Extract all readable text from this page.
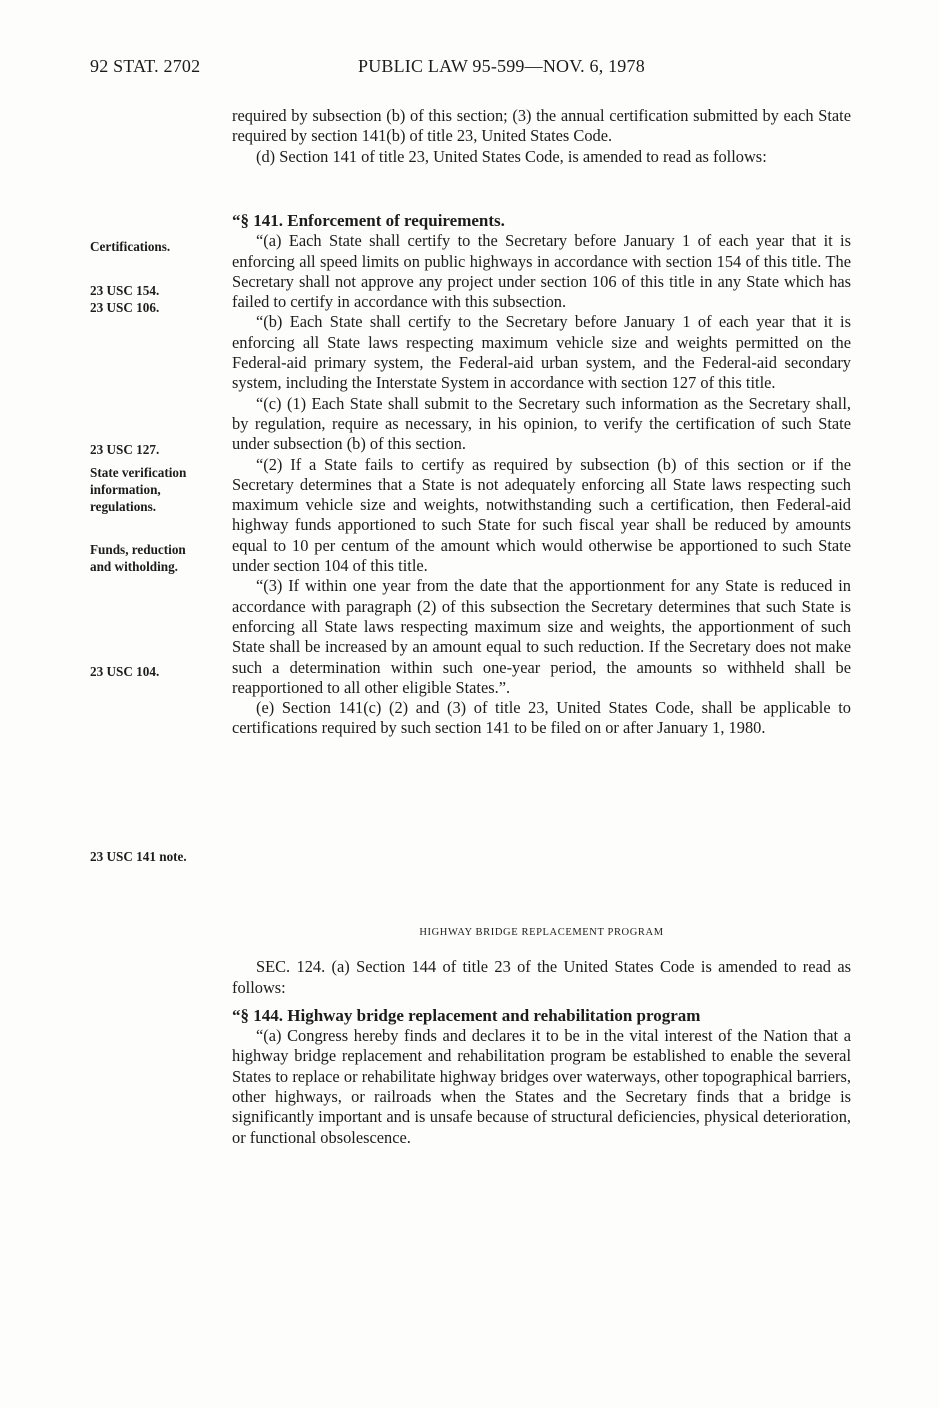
92 STAT. 2702	PUBLIC LAW 95-599—NOV. 6, 1978
Certifications.
23 USC 154.
23 USC 106.
23 USC 127.
State verification
information,
regulations.
Funds, reduction
and witholding.
23 USC 104.
23 USC 141 note.

required by subsection (b) of this section; (3) the annual certification submitted by each State required by section 141(b) of title 23, United States Code.

(d) Section 141 of title 23, United States Code, is amended to read as follows:

“§ 141. Enforcement of requirements.

“(a) Each State shall certify to the Secretary before January 1 of each year that it is enforcing all speed limits on public highways in accordance with section 154 of this title. The Secretary shall not approve any project under section 106 of this title in any State which has failed to certify in accordance with this subsection.

“(b) Each State shall certify to the Secretary before January 1 of each year that it is enforcing all State laws respecting maximum vehicle size and weights permitted on the Federal-aid primary system, the Federal-aid urban system, and the Federal-aid secondary system, including the Interstate System in accordance with section 127 of this title.

“(c) (1) Each State shall submit to the Secretary such information as the Secretary shall, by regulation, require as necessary, in his opinion, to verify the certification of such State under subsection (b) of this section.

“(2) If a State fails to certify as required by subsection (b) of this section or if the Secretary determines that a State is not adequately enforcing all State laws respecting such maximum vehicle size and weights, notwithstanding such a certification, then Federal-aid highway funds apportioned to such State for such fiscal year shall be reduced by amounts equal to 10 per centum of the amount which would otherwise be apportioned to such State under section 104 of this title.

“(3) If within one year from the date that the apportionment for any State is reduced in accordance with paragraph (2) of this subsection the Secretary determines that such State is enforcing all State laws respecting maximum size and weights, the apportionment of such State shall be increased by an amount equal to such reduction. If the Secretary does not make such a determination within such one-year period, the amounts so withheld shall be reapportioned to all other eligible States.”.

(e) Section 141(c) (2) and (3) of title 23, United States Code, shall be applicable to certifications required by such section 141 to be filed on or after January 1, 1980.

HIGHWAY BRIDGE REPLACEMENT PROGRAM

SEC. 124. (a) Section 144 of title 23 of the United States Code is amended to read as follows:

“§ 144. Highway bridge replacement and rehabilitation program

“(a) Congress hereby finds and declares it to be in the vital interest of the Nation that a highway bridge replacement and rehabilitation program be established to enable the several States to replace or rehabilitate highway bridges over waterways, other topographical barriers, other highways, or railroads when the States and the Secretary finds that a bridge is significantly important and is unsafe because of structural deficiencies, physical deterioration, or functional obsolescence.
